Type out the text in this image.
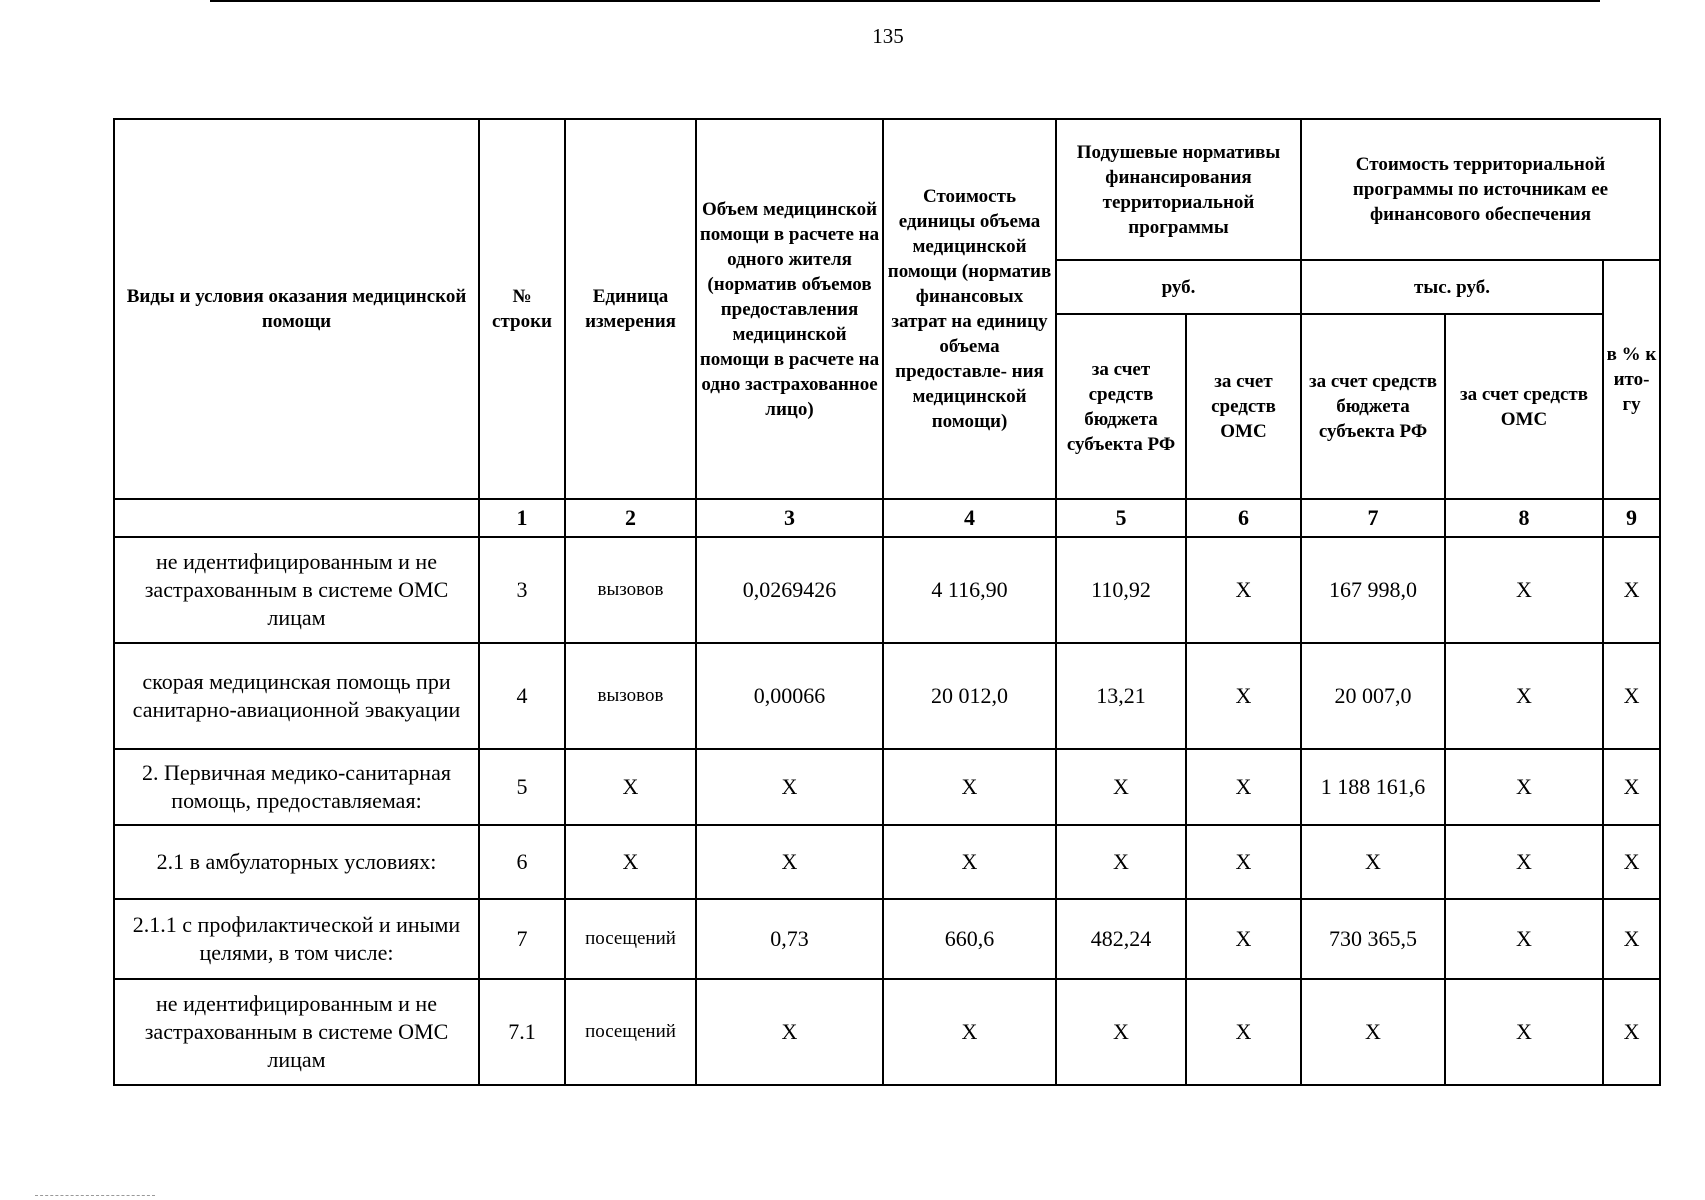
135
Виды и условия оказания медицинской помощи	№ строки	Единица измерения	Объем медицинской помощи в расчете на одного жителя (норматив объемов предоставления медицинской помощи в расчете на одно застрахованное лицо)	Стоимость единицы объема медицинской помощи (норматив финансовых затрат на единицу объема предоставле- ния медицинской помощи)	Подушевые нормативы финансирования территориальной программы		Стоимость территориальной программы по источникам ее финансового обеспечения		
					руб.		тыс. руб.		в % к ито- гу
					за счет средств бюджета субъекта РФ	за счет средств ОМС	за счет средств бюджета субъекта РФ	за счет средств ОМС	
	1	2	3	4	5	6	7	8	9
не идентифицированным и не застрахованным в системе ОМС лицам	3	вызовов	0,0269426	4 116,90	110,92	X	167 998,0	X	X
скорая медицинская помощь при санитарно-авиационной эвакуации	4	вызовов	0,00066	20 012,0	13,21	X	20 007,0	X	X
2. Первичная медико-санитарная помощь, предоставляемая:	5	X	X	X	X	X	1 188 161,6	X	X
2.1 в амбулаторных условиях:	6	X	X	X	X	X	X	X	X
2.1.1 с профилактической и иными целями, в том числе:	7	посещений	0,73	660,6	482,24	X	730 365,5	X	X
не идентифицированным и не застрахованным в системе ОМС лицам	7.1	посещений	X	X	X	X	X	X	X
